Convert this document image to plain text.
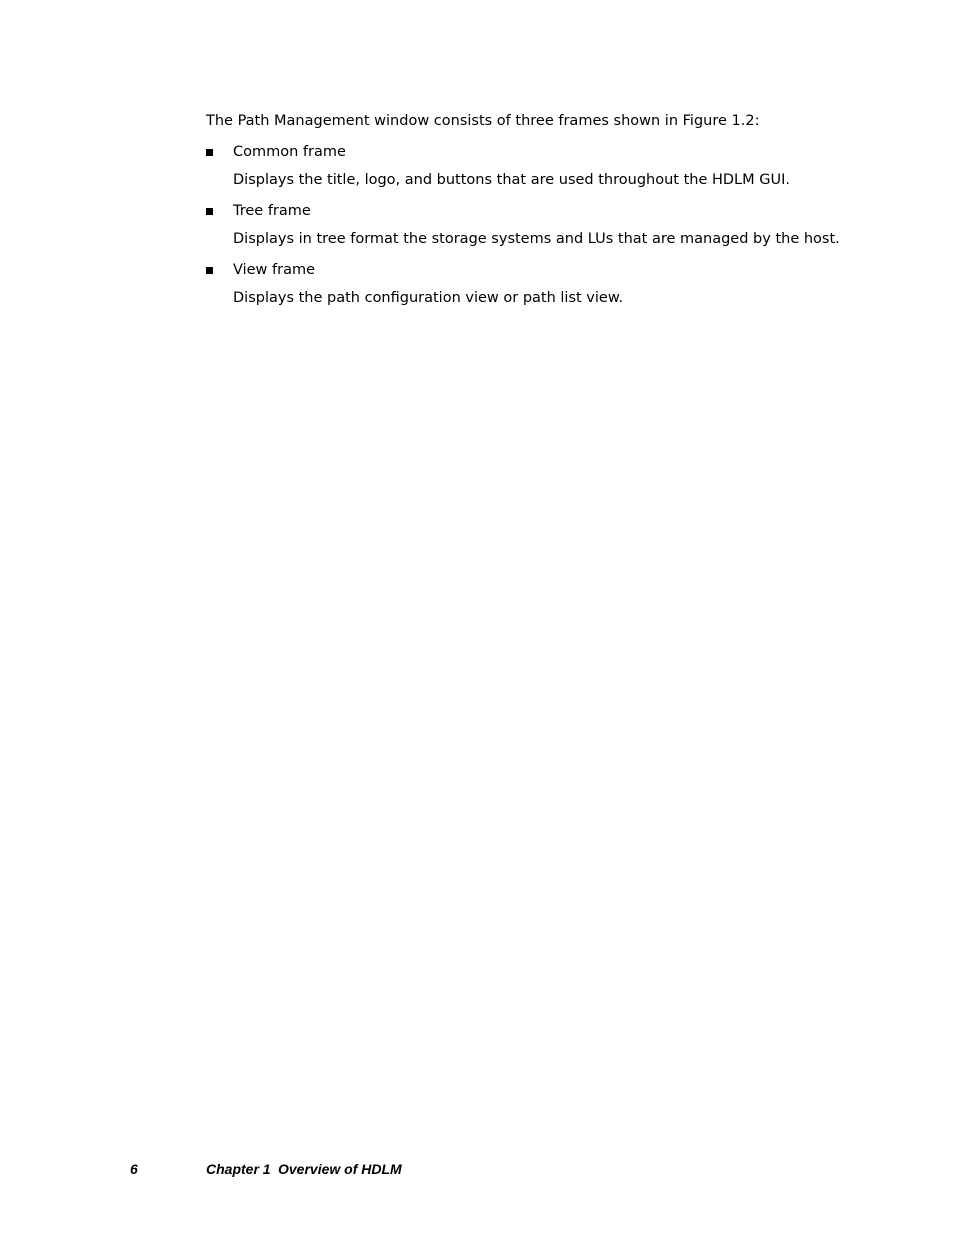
The Path Management window consists of three frames shown in Figure 1.2:

Common frame
Displays the title, logo, and buttons that are used throughout the HDLM GUI.
Tree frame
Displays in tree format the storage systems and LUs that are managed by the host.
View frame
Displays the path configuration view or path list view.
6	Chapter 1 Overview of HDLM
